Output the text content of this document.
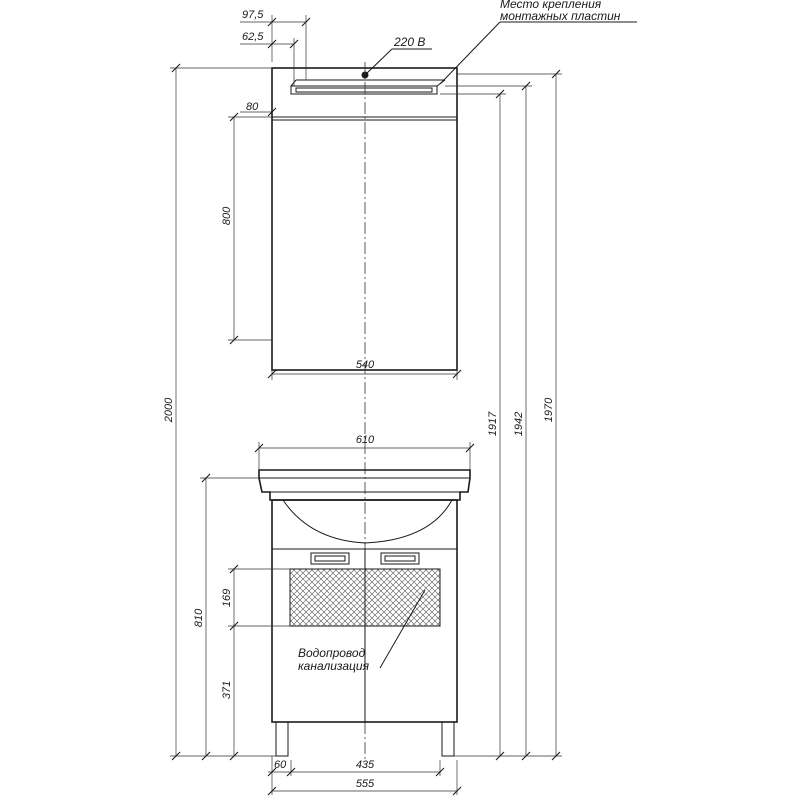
97,5
62,5
80
800
540
2000
1917 1942
1970
610
810
169
371
60	435
555
220 В
Место крепления
монтажных пластин
Водопровод
канализация
